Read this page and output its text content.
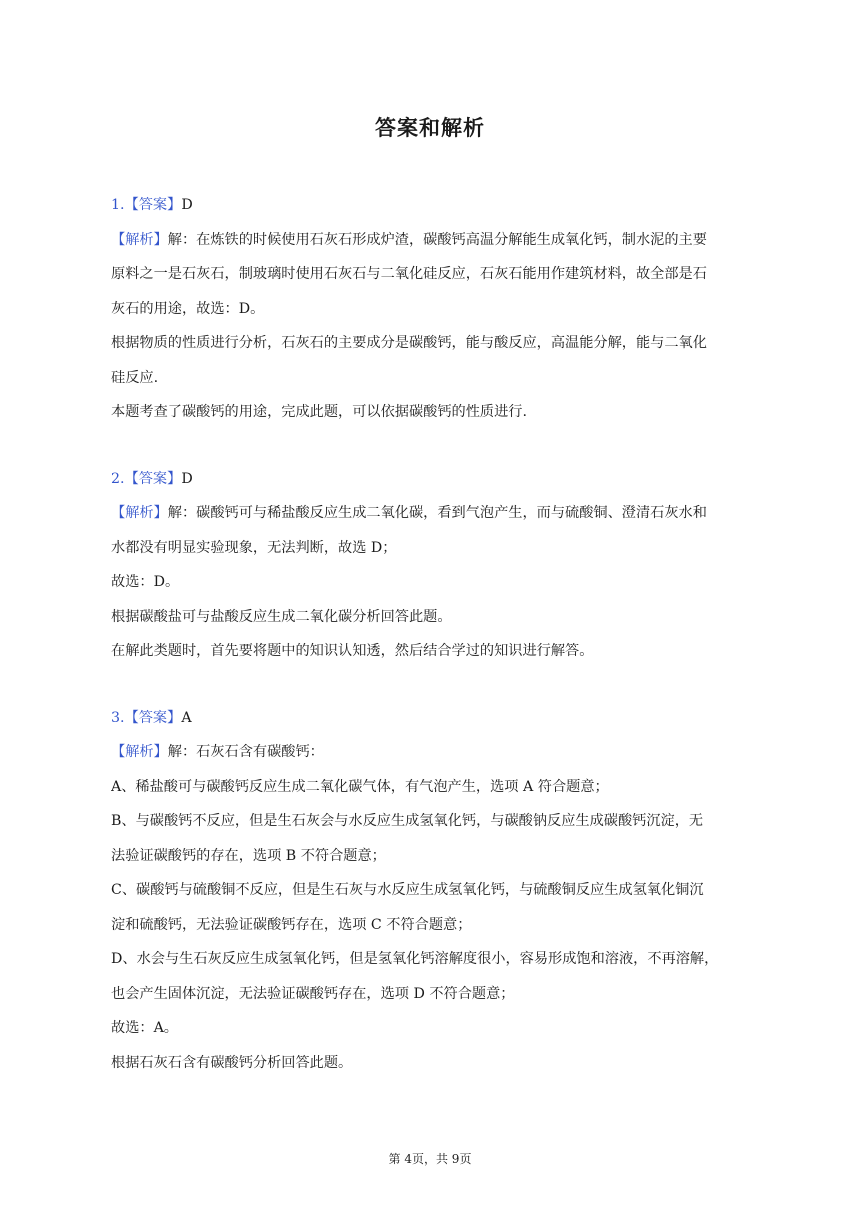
答案和解析
1.【答案】D
【解析】解：在炼铁的时候使用石灰石形成炉渣，碳酸钙高温分解能生成氧化钙，制水泥的主要
原料之一是石灰石，制玻璃时使用石灰石与二氧化硅反应，石灰石能用作建筑材料，故全部是石
灰石的用途，故选：D。
根据物质的性质进行分析，石灰石的主要成分是碳酸钙，能与酸反应，高温能分解，能与二氧化
硅反应.
本题考查了碳酸钙的用途，完成此题，可以依据碳酸钙的性质进行.
2.【答案】D
【解析】解：碳酸钙可与稀盐酸反应生成二氧化碳，看到气泡产生，而与硫酸铜、澄清石灰水和
水都没有明显实验现象，无法判断，故选 D；
故选：D。
根据碳酸盐可与盐酸反应生成二氧化碳分析回答此题。
在解此类题时，首先要将题中的知识认知透，然后结合学过的知识进行解答。
3.【答案】A
【解析】解：石灰石含有碳酸钙：
A、稀盐酸可与碳酸钙反应生成二氧化碳气体，有气泡产生，选项 A 符合题意；
B、与碳酸钙不反应，但是生石灰会与水反应生成氢氧化钙，与碳酸钠反应生成碳酸钙沉淀，无
法验证碳酸钙的存在，选项 B 不符合题意；
C、碳酸钙与硫酸铜不反应，但是生石灰与水反应生成氢氧化钙，与硫酸铜反应生成氢氧化铜沉
淀和硫酸钙，无法验证碳酸钙存在，选项 C 不符合题意；
D、水会与生石灰反应生成氢氧化钙，但是氢氧化钙溶解度很小，容易形成饱和溶液，不再溶解，
也会产生固体沉淀，无法验证碳酸钙存在，选项 D 不符合题意；
故选：A。
根据石灰石含有碳酸钙分析回答此题。
第 4页，共 9页
